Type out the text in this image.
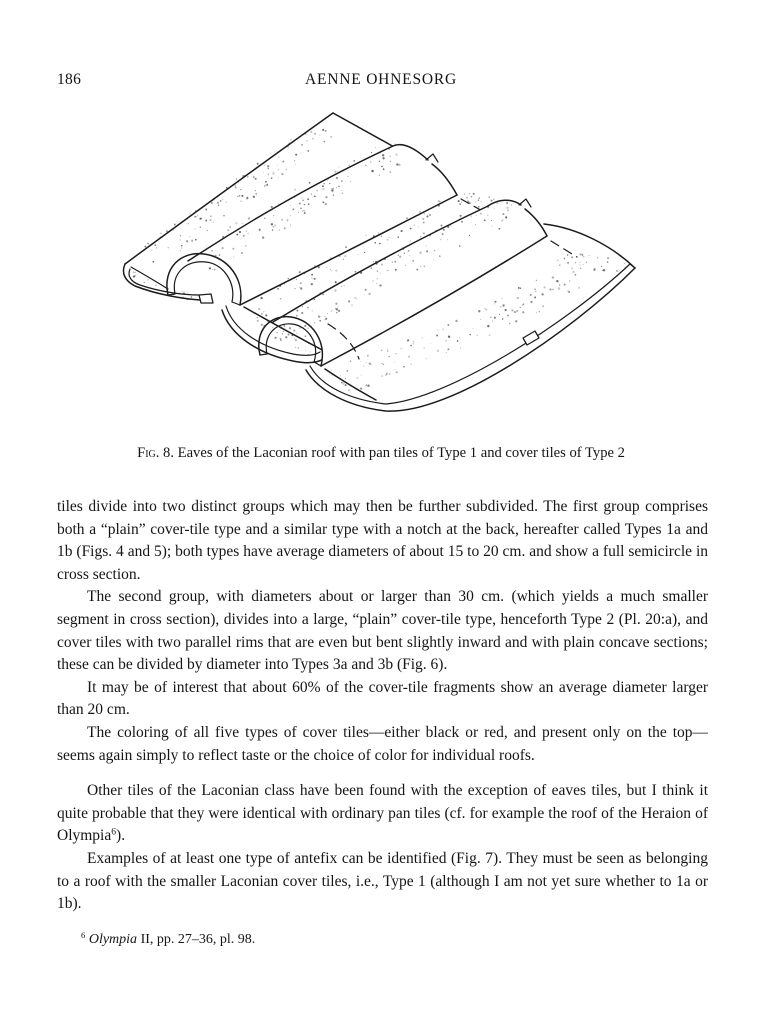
186	AENNE OHNESORG
Fig. 8. Eaves of the Laconian roof with pan tiles of Type 1 and cover tiles of Type 2

tiles divide into two distinct groups which may then be further subdivided. The first group comprises both a “plain” cover-tile type and a similar type with a notch at the back, hereafter called Types 1a and 1b (Figs. 4 and 5); both types have average diameters of about 15 to 20 cm. and show a full semicircle in cross section.

The second group, with diameters about or larger than 30 cm. (which yields a much smaller segment in cross section), divides into a large, “plain” cover-tile type, henceforth Type 2 (Pl. 20:a), and cover tiles with two parallel rims that are even but bent slightly inward and with plain concave sections; these can be divided by diameter into Types 3a and 3b (Fig. 6).

It may be of interest that about 60% of the cover-tile fragments show an average diameter larger than 20 cm.

The coloring of all five types of cover tiles—either black or red, and present only on the top—seems again simply to reflect taste or the choice of color for individual roofs.

Other tiles of the Laconian class have been found with the exception of eaves tiles, but I think it quite probable that they were identical with ordinary pan tiles (cf. for example the roof of the Heraion of Olympia$^6$).

Examples of at least one type of antefix can be identified (Fig. 7). They must be seen as belonging to a roof with the smaller Laconian cover tiles, i.e., Type 1 (although I am not yet sure whether to 1a or 1b).

$^6$ Olympia II, pp. 27–36, pl. 98.
